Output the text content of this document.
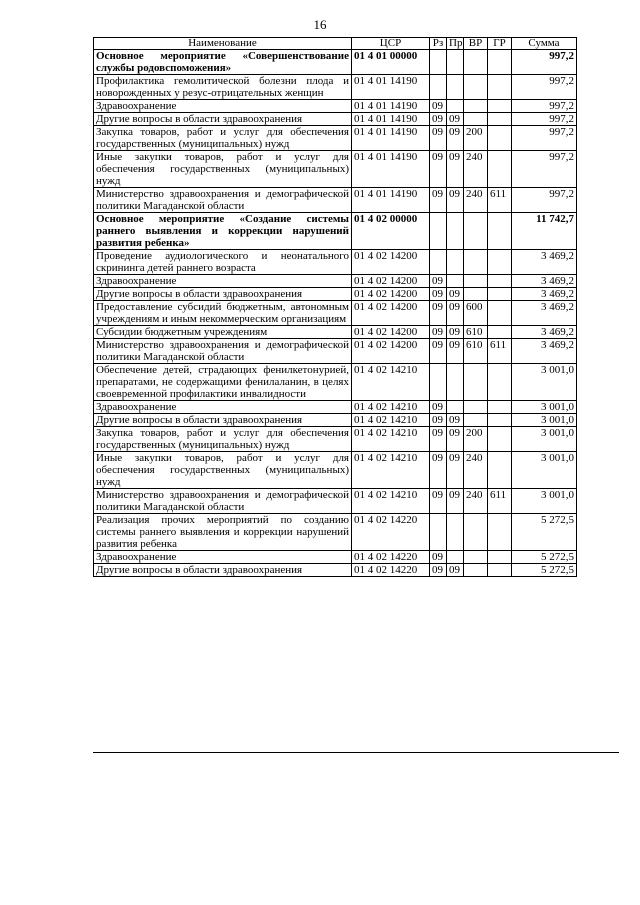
16
Наименование	ЦСР	Рз	Пр	ВР	ГР	Сумма
Основное мероприятие «Совершенствование службы родовспоможения»	01 4 01 00000					997,2
Профилактика гемолитической болезни плода и новорожденных у резус-отрицательных женщин	01 4 01 14190					997,2
Здравоохранение	01 4 01 14190	09				997,2
Другие вопросы в области здравоохранения	01 4 01 14190	09	09			997,2
Закупка товаров, работ и услуг для обеспечения государственных (муниципальных) нужд	01 4 01 14190	09	09	200		997,2
Иные закупки товаров, работ и услуг для обеспечения государственных (муниципальных) нужд	01 4 01 14190	09	09	240		997,2
Министерство здравоохранения и демографической политики Магаданской области	01 4 01 14190	09	09	240	611	997,2
Основное мероприятие «Создание системы раннего выявления и коррекции нарушений развития ребенка»	01 4 02 00000					11 742,7
Проведение аудиологического и неонатального скрининга детей раннего возраста	01 4 02 14200					3 469,2
Здравоохранение	01 4 02 14200	09				3 469,2
Другие вопросы в области здравоохранения	01 4 02 14200	09	09			3 469,2
Предоставление субсидий бюджетным, автономным учреждениям и иным некоммерческим организациям	01 4 02 14200	09	09	600		3 469,2
Субсидии бюджетным учреждениям	01 4 02 14200	09	09	610		3 469,2
Министерство здравоохранения и демографической политики Магаданской области	01 4 02 14200	09	09	610	611	3 469,2
Обеспечение детей, страдающих фенилкетонурией, препаратами, не содержащими фенилаланин, в целях своевременной профилактики инвалидности	01 4 02 14210					3 001,0
Здравоохранение	01 4 02 14210	09				3 001,0
Другие вопросы в области здравоохранения	01 4 02 14210	09	09			3 001,0
Закупка товаров, работ и услуг для обеспечения государственных (муниципальных) нужд	01 4 02 14210	09	09	200		3 001,0
Иные закупки товаров, работ и услуг для обеспечения государственных (муниципальных) нужд	01 4 02 14210	09	09	240		3 001,0
Министерство здравоохранения и демографической политики Магаданской области	01 4 02 14210	09	09	240	611	3 001,0
Реализация прочих мероприятий по созданию системы раннего выявления и коррекции нарушений развития ребенка	01 4 02 14220					5 272,5
Здравоохранение	01 4 02 14220	09				5 272,5
Другие вопросы в области здравоохранения	01 4 02 14220	09	09			5 272,5
